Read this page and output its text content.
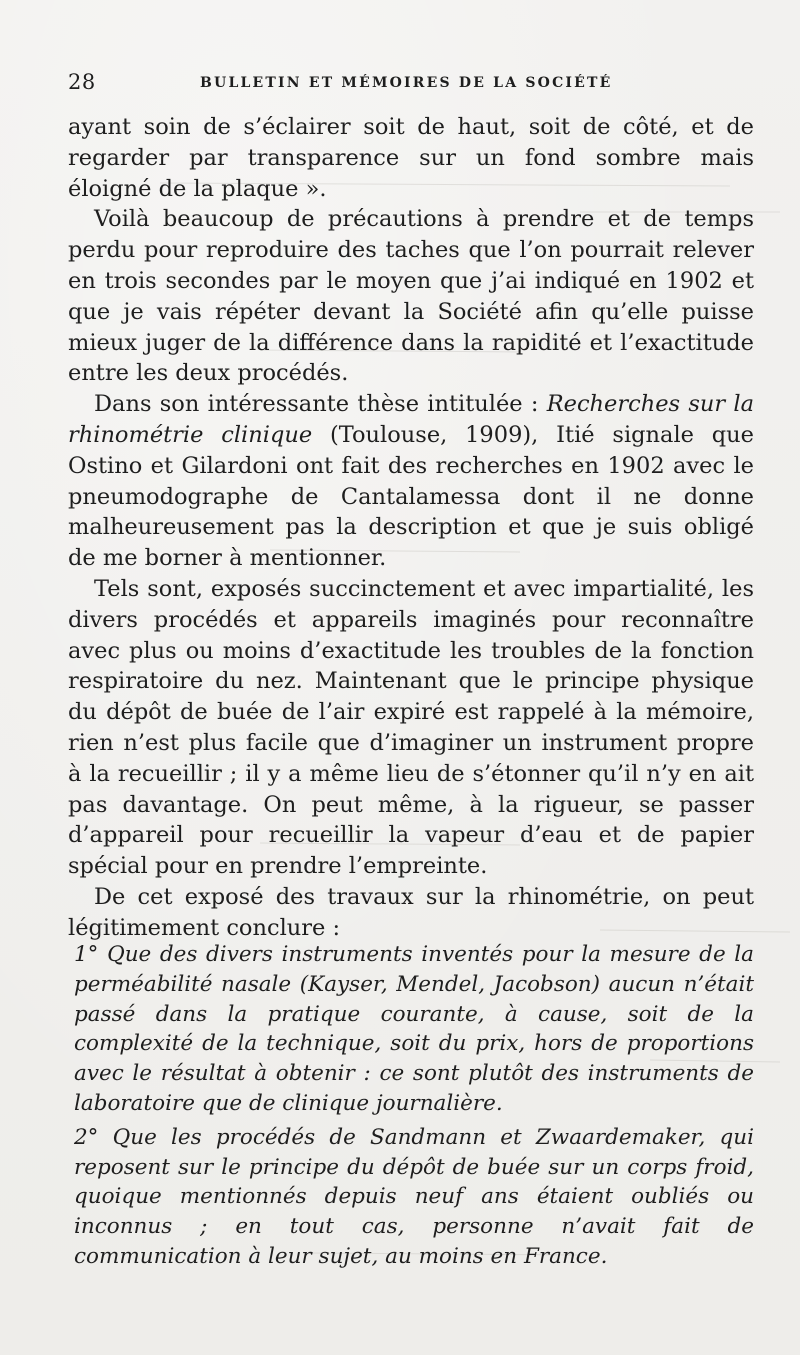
28	BULLETIN ET MÉMOIRES DE LA SOCIÉTÉ

ayant soin de s’éclairer soit de haut, soit de côté, et de regarder par transparence sur un fond sombre mais éloigné de la plaque ».

Voilà beaucoup de précautions à prendre et de temps perdu pour reproduire des taches que l’on pourrait relever en trois secondes par le moyen que j’ai indiqué en 1902 et que je vais répéter devant la Société afin qu’elle puisse mieux juger de la différence dans la rapidité et l’exactitude entre les deux procédés.

Dans son intéressante thèse intitulée : Recherches sur la rhinométrie clinique (Toulouse, 1909), Itié signale que Ostino et Gilardoni ont fait des recherches en 1902 avec le pneumodographe de Cantalamessa dont il ne donne malheureusement pas la description et que je suis obligé de me borner à mentionner.

Tels sont, exposés succinctement et avec impartialité, les divers procédés et appareils imaginés pour reconnaître avec plus ou moins d’exactitude les troubles de la fonction respiratoire du nez. Maintenant que le principe physique du dépôt de buée de l’air expiré est rappelé à la mémoire, rien n’est plus facile que d’imaginer un instrument propre à la recueillir ; il y a même lieu de s’étonner qu’il n’y en ait pas davantage. On peut même, à la rigueur, se passer d’appareil pour recueillir la vapeur d’eau et de papier spécial pour en prendre l’empreinte.

De cet exposé des travaux sur la rhinométrie, on peut légitimement conclure :

1° Que des divers instruments inventés pour la mesure de la perméabilité nasale (Kayser, Mendel, Jacobson) aucun n’était passé dans la pratique courante, à cause, soit de la complexité de la technique, soit du prix, hors de proportions avec le résultat à obtenir : ce sont plutôt des instruments de laboratoire que de clinique journalière.

2° Que les procédés de Sandmann et Zwaardemaker, qui reposent sur le principe du dépôt de buée sur un corps froid, quoique mentionnés depuis neuf ans étaient oubliés ou inconnus ; en tout cas, personne n’avait fait de communication à leur sujet, au moins en France.
